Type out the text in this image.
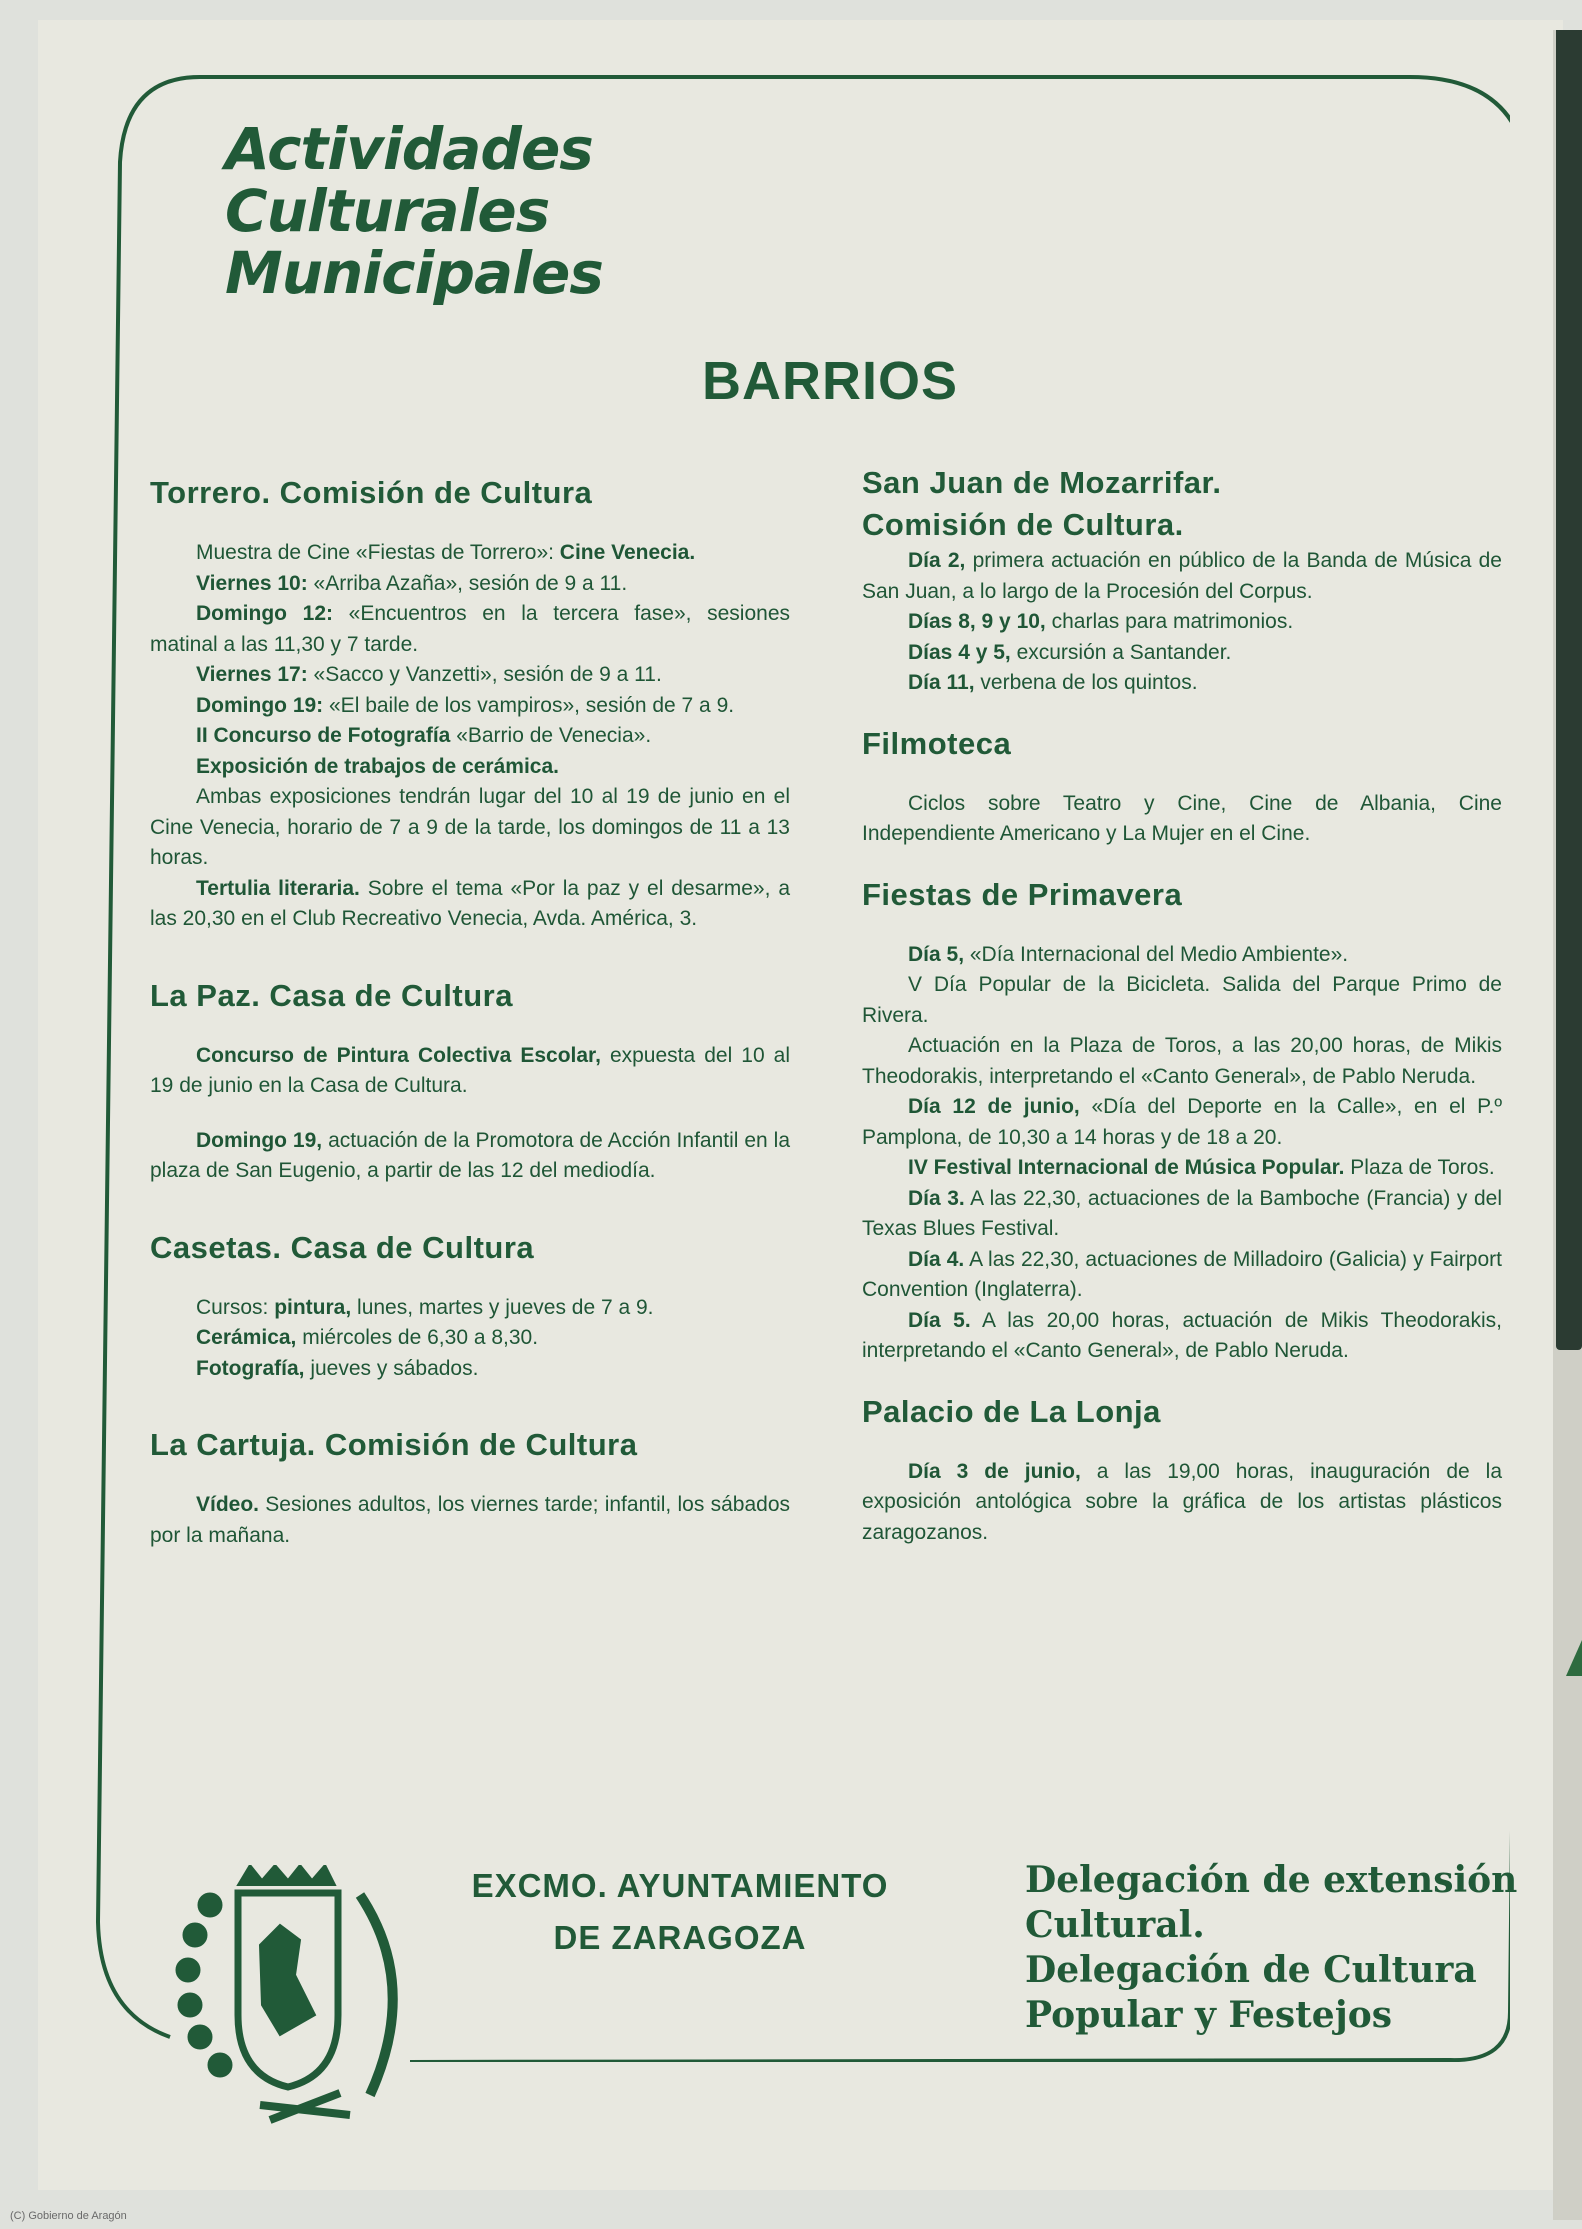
Actividades
Culturales
Municipales
BARRIOS

Torrero. Comisión de Cultura

Muestra de Cine «Fiestas de Torrero»: Cine Venecia.

Viernes 10: «Arriba Azaña», sesión de 9 a 11.

Domingo 12: «Encuentros en la tercera fase», sesiones matinal a las 11,30 y 7 tarde.

Viernes 17: «Sacco y Vanzetti», sesión de 9 a 11.

Domingo 19: «El baile de los vampiros», sesión de 7 a 9.

II Concurso de Fotografía «Barrio de Venecia».

Exposición de trabajos de cerámica.

Ambas exposiciones tendrán lugar del 10 al 19 de junio en el Cine Venecia, horario de 7 a 9 de la tarde, los domingos de 11 a 13 horas.

Tertulia literaria. Sobre el tema «Por la paz y el desarme», a las 20,30 en el Club Recreativo Venecia, Avda. América, 3.

La Paz. Casa de Cultura

Concurso de Pintura Colectiva Escolar, expuesta del 10 al 19 de junio en la Casa de Cultura.

Domingo 19, actuación de la Promotora de Acción Infantil en la plaza de San Eugenio, a partir de las 12 del mediodía.

Casetas. Casa de Cultura

Cursos: pintura, lunes, martes y jueves de 7 a 9.

Cerámica, miércoles de 6,30 a 8,30.

Fotografía, jueves y sábados.

La Cartuja. Comisión de Cultura

Vídeo. Sesiones adultos, los viernes tarde; infantil, los sábados por la mañana.

San Juan de Mozarrifar.

Comisión de Cultura.

Día 2, primera actuación en público de la Banda de Música de San Juan, a lo largo de la Procesión del Corpus.

Días 8, 9 y 10, charlas para matrimonios.

Días 4 y 5, excursión a Santander.

Día 11, verbena de los quintos.

Filmoteca

Ciclos sobre Teatro y Cine, Cine de Albania, Cine Independiente Americano y La Mujer en el Cine.

Fiestas de Primavera

Día 5, «Día Internacional del Medio Ambiente».

V Día Popular de la Bicicleta. Salida del Parque Primo de Rivera.

Actuación en la Plaza de Toros, a las 20,00 horas, de Mikis Theodorakis, interpretando el «Canto General», de Pablo Neruda.

Día 12 de junio, «Día del Deporte en la Calle», en el P.º Pamplona, de 10,30 a 14 horas y de 18 a 20.

IV Festival Internacional de Música Popular. Plaza de Toros.

Día 3. A las 22,30, actuaciones de la Bamboche (Francia) y del Texas Blues Festival.

Día 4. A las 22,30, actuaciones de Milladoiro (Galicia) y Fairport Convention (Inglaterra).

Día 5. A las 20,00 horas, actuación de Mikis Theodorakis, interpretando el «Canto General», de Pablo Neruda.

Palacio de La Lonja

Día 3 de junio, a las 19,00 horas, inauguración de la exposición antológica sobre la gráfica de los artistas plásticos zaragozanos.

EXCMO. AYUNTAMIENTO
DE ZARAGOZA
Delegación de extensión
Cultural.
Delegación de Cultura
Popular y Festejos
(C) Gobierno de Aragón
